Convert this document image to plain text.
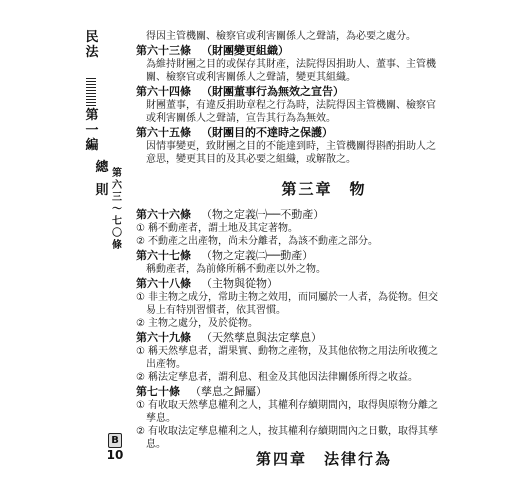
民
法
第
一
編
總
則
第
六
三
～
七
〇
條
B
10
得因主管機關、檢察官或利害關係人之聲請，為必要之處分。
第六十三條 （財團變更組織）
為維持財團之目的或保存其財產，法院得因捐助人、董事、主管機
關、檢察官或利害關係人之聲請，變更其組織。
第六十四條 （財團董事行為無效之宣告）
財團董事，有違反捐助章程之行為時，法院得因主管機關、檢察官
或利害關係人之聲請，宣告其行為為無效。
第六十五條 （財團目的不達時之保護）
因情事變更，致財團之目的不能達到時，主管機關得斟酌捐助人之
意思，變更其目的及其必要之組織，或解散之。
第三章　物
第六十六條 （物之定義㈠──不動產）
① 稱不動產者，謂土地及其定著物。
② 不動產之出產物，尚未分離者，為該不動產之部分。
第六十七條 （物之定義㈡──動產）
稱動產者，為前條所稱不動產以外之物。
第六十八條 （主物與從物）
① 非主物之成分，常助主物之效用，而同屬於一人者，為從物。但交
易上有特別習慣者，依其習慣。
② 主物之處分，及於從物。
第六十九條 （天然孳息與法定孳息）
① 稱天然孳息者，謂果實、動物之產物，及其他依物之用法所收獲之
出產物。
② 稱法定孳息者，謂利息、租金及其他因法律關係所得之收益。
第七十條 （孳息之歸屬）
① 有收取天然孳息權利之人，其權利存續期間內，取得與原物分離之
孳息。
② 有收取法定孳息權利之人，按其權利存續期間內之日數，取得其孳
息。
第四章　法律行為
